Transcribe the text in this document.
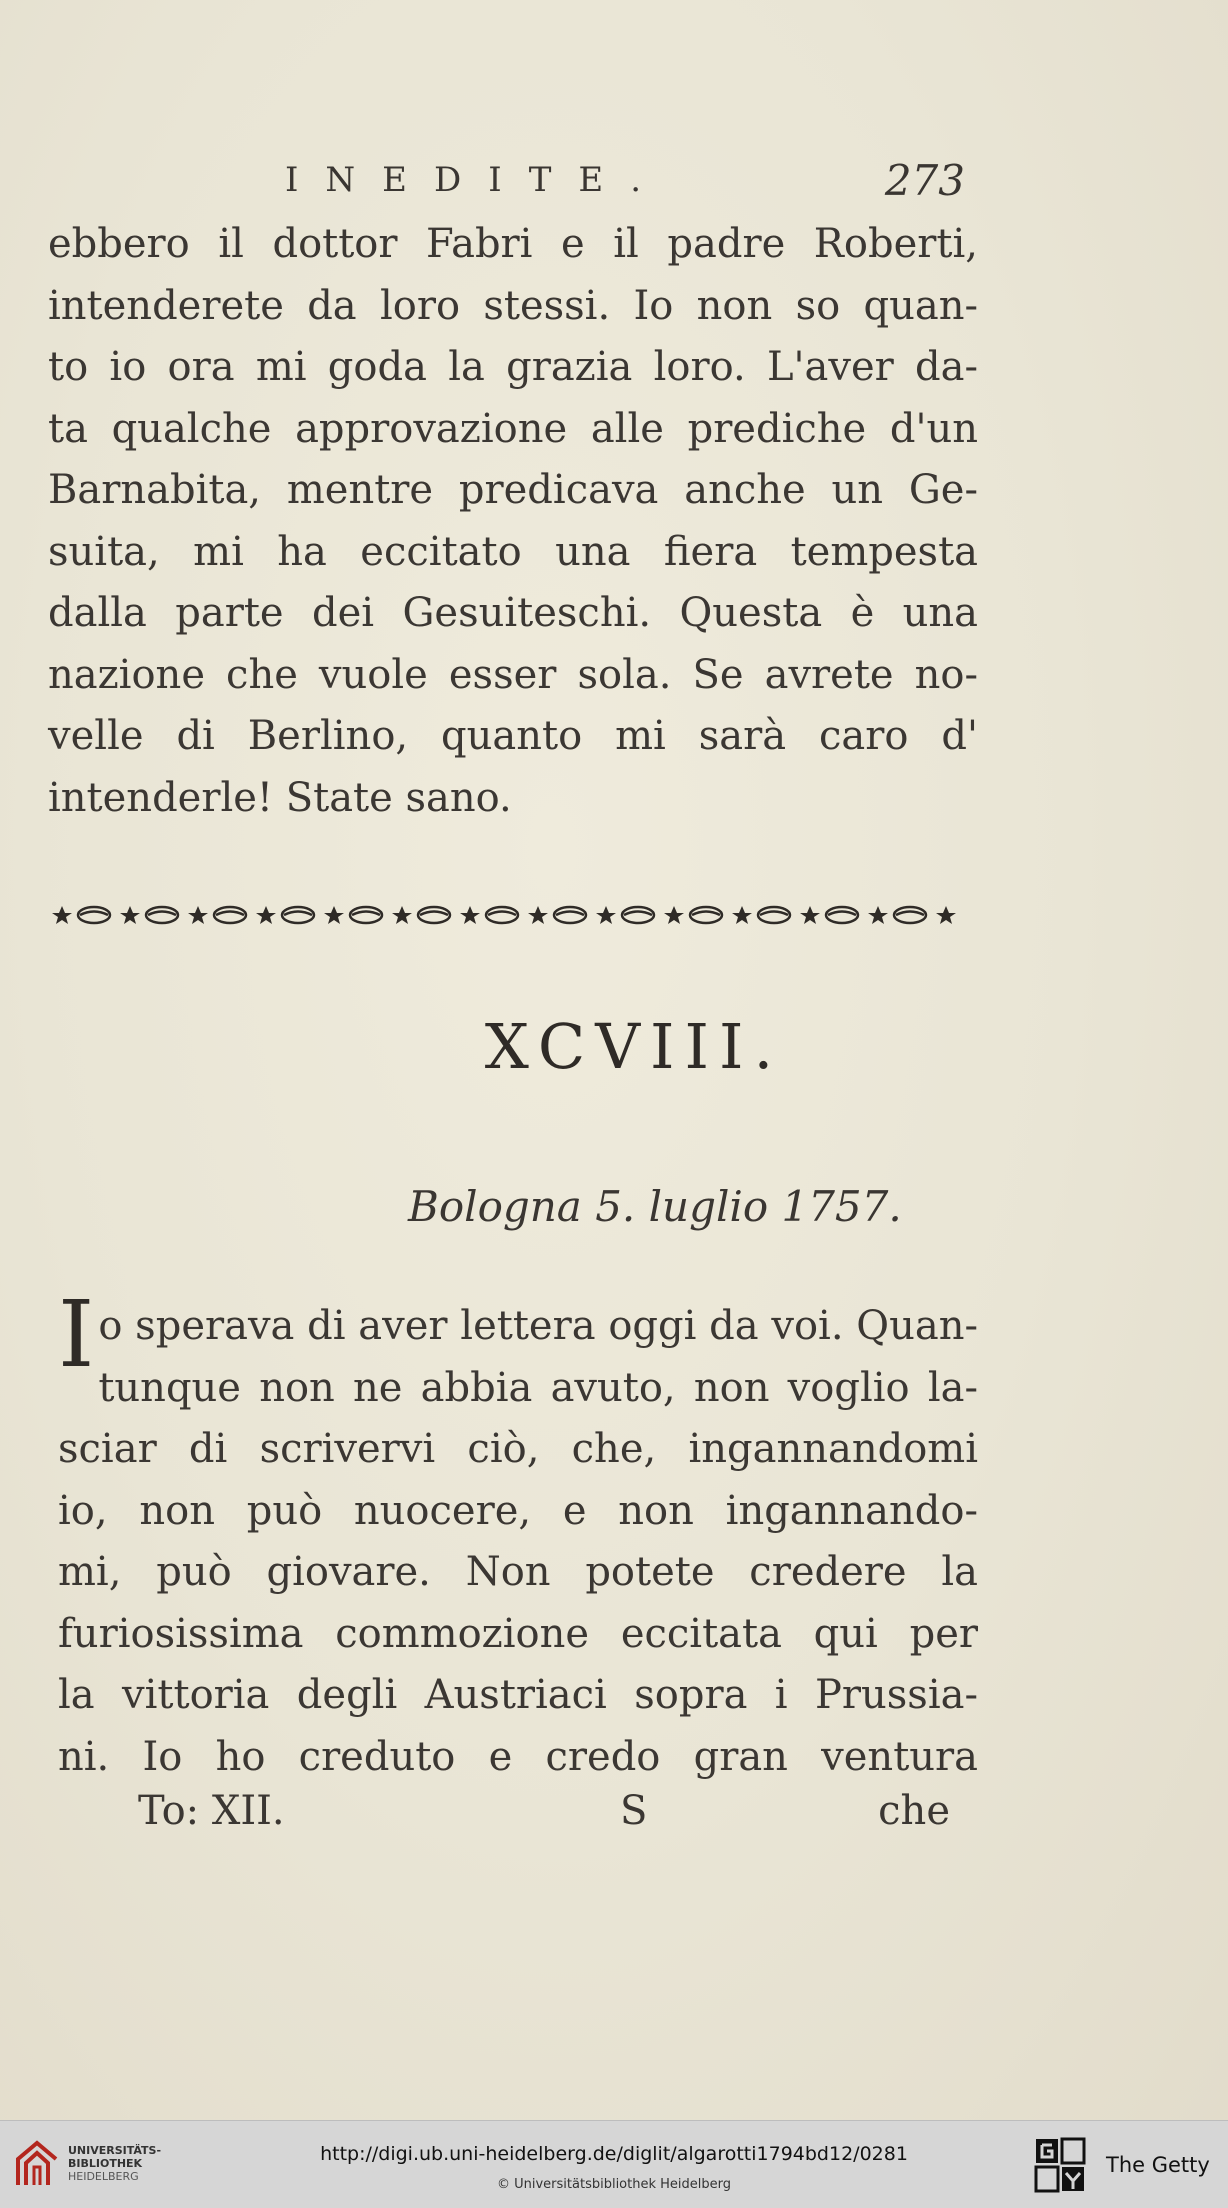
INEDITE.	273
ebbero il dottor Fabri e il padre Roberti,
intenderete da loro stessi. Io non so quan-
to io ora mi goda la grazia loro. L'aver da-
ta qualche approvazione alle prediche d'un
Barnabita, mentre predicava anche un Ge-
suita, mi ha eccitato una fiera tempesta
dalla parte dei Gesuiteschi. Questa è una
nazione che vuole esser sola. Se avrete no-
velle di Berlino, quanto mi sarà caro d'
intenderle! State sano.
XCVIII.
Bologna 5. luglio 1757.
I o sperava di aver lettera oggi da voi. Quan-
tunque non ne abbia avuto, non voglio la-
sciar di scrivervi ciò, che, ingannandomi
io, non può nuocere, e non ingannando-
mi, può giovare. Non potete credere la
furiosissima commozione eccitata qui per
la vittoria degli Austriaci sopra i Prussia-
ni. Io ho creduto e credo gran ventura
To: XII.	S	che
UNIVERSITÄTS-
BIBLIOTHEK
HEIDELBERG
http://digi.ub.uni-heidelberg.de/diglit/algarotti1794bd12/0281
© Universitätsbibliothek Heidelberg
The Getty
